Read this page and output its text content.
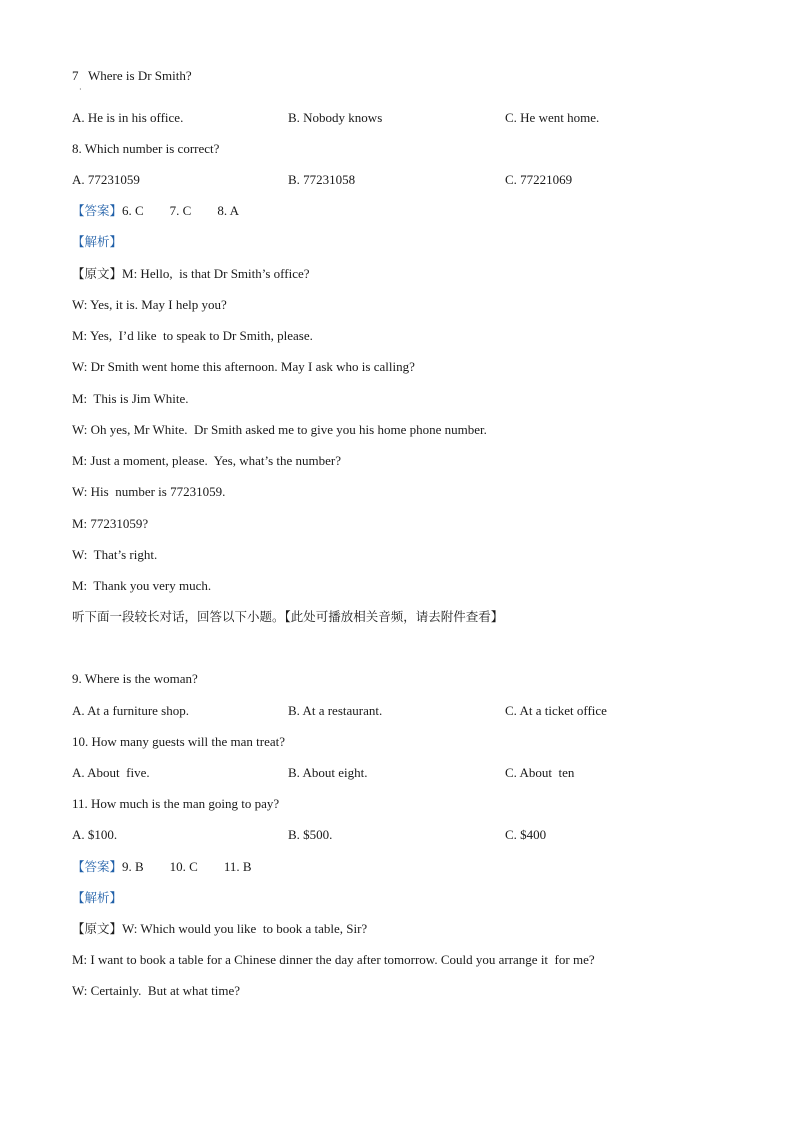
7   Where is Dr Smith?
·
A. He is in his office.	B. Nobody knows	C. He went home.
8. Which number is correct?
A. 77231059	B. 77231058	C. 77221069
【答案】6. C        7. C        8. A
【解析】
【原文】M: Hello,  is that Dr Smith’s office?
W: Yes, it is. May I help you?
M: Yes,  I’d like  to speak to Dr Smith, please.
W: Dr Smith went home this afternoon. May I ask who is calling?
M:  This is Jim White.
W: Oh yes, Mr White.  Dr Smith asked me to give you his home phone number.
M: Just a moment, please.  Yes, what’s the number?
W: His  number is 77231059.
M: 77231059?
W:  That’s right.
M:  Thank you very much.
听下面一段较长对话，回答以下小题。【此处可播放相关音频，请去附件查看】
9. Where is the woman?
A. At a furniture shop.	B. At a restaurant.	C. At a ticket office
10. How many guests will the man treat?
A. About  five.	B. About eight.	C. About  ten
11. How much is the man going to pay?
A. $100.	B. $500.	C. $400
【答案】9. B        10. C        11. B
【解析】
【原文】W: Which would you like  to book a table, Sir?
M: I want to book a table for a Chinese dinner the day after tomorrow. Could you arrange it  for me?
W: Certainly.  But at what time?
